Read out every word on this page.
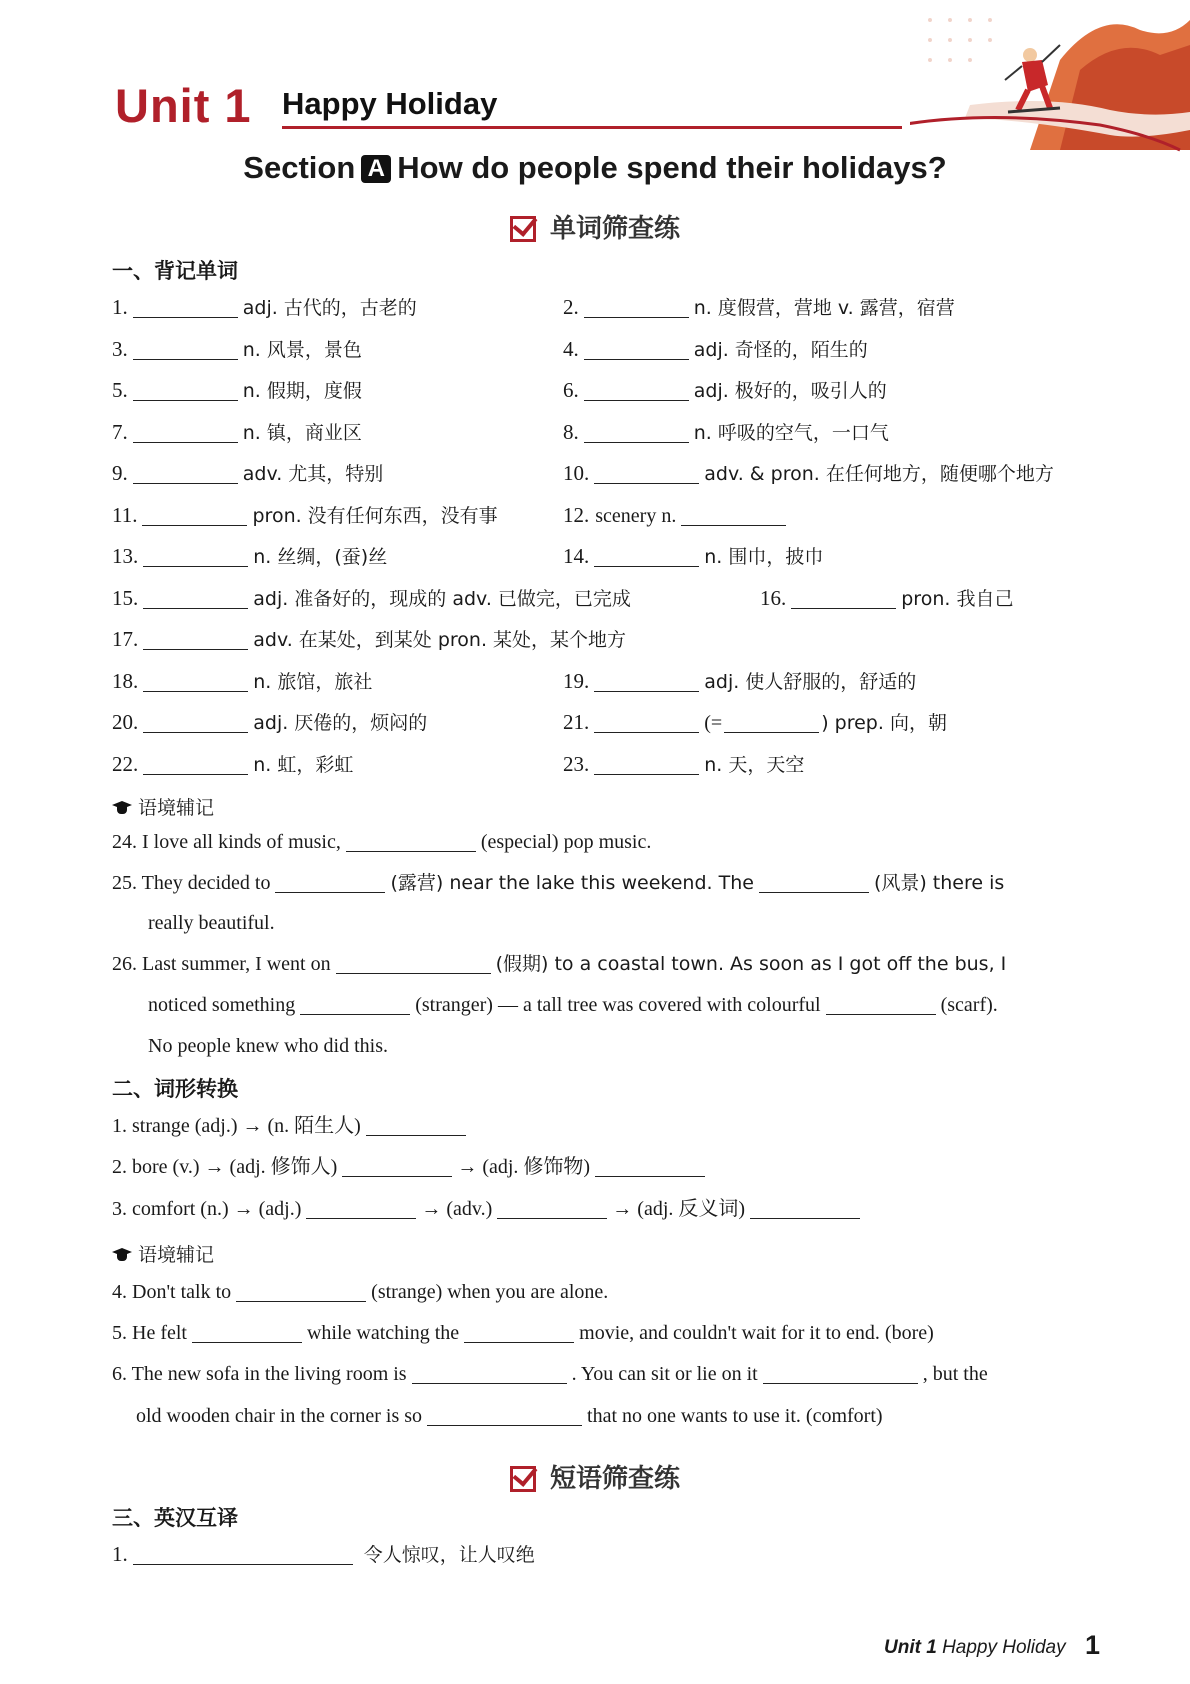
Unit 1 Happy Holiday
Section A How do people spend their holidays?
单词筛查练
一、背记单词
1.	adj. 古代的，古老的	2.	n. 度假营，营地 v. 露营，宿营
3.	n. 风景，景色	4.	adj. 奇怪的，陌生的
5.	n. 假期，度假	6.	adj. 极好的，吸引人的
7.	n. 镇，商业区	8.	n. 呼吸的空气，一口气
9.	adv. 尤其，特别	10.	adv. & pron. 在任何地方，随便哪个地方
11.	pron. 没有任何东西，没有事	12. scenery n.
13.	n. 丝绸，(蚕)丝	14.	n. 围巾，披巾
15.	adj. 准备好的，现成的 adv. 已做完，已完成	16.	pron. 我自己
17.	adv. 在某处，到某处 pron. 某处，某个地方
18.	n. 旅馆，旅社	19.	adj. 使人舒服的，舒适的
20.	adj. 厌倦的，烦闷的	21.	(=	) prep. 向，朝
22.	n. 虹，彩虹	23.	n. 天，天空
语境辅记
24. I love all kinds of music,	(especial) pop music.
25. They decided to	(露营) near the lake this weekend. The	(风景) there is
really beautiful.
26. Last summer, I went on	(假期) to a coastal town. As soon as I got off the bus, I
noticed something	(stranger) — a tall tree was covered with colourful	(scarf).
No people knew who did this.
二、词形转换
1. strange (adj.) → (n. 陌生人)
2. bore (v.) → (adj. 修饰人)	→ (adj. 修饰物)
3. comfort (n.) → (adj.)	→ (adv.)	→ (adj. 反义词)
语境辅记
4. Don't talk to	(strange) when you are alone.
5. He felt	while watching the	movie, and couldn't wait for it to end. (bore)
6. The new sofa in the living room is	. You can sit or lie on it	, but the
old wooden chair in the corner is so	that no one wants to use it. (comfort)
短语筛查练
三、英汉互译
1.	令人惊叹，让人叹绝
Unit 1 Happy Holiday 1
